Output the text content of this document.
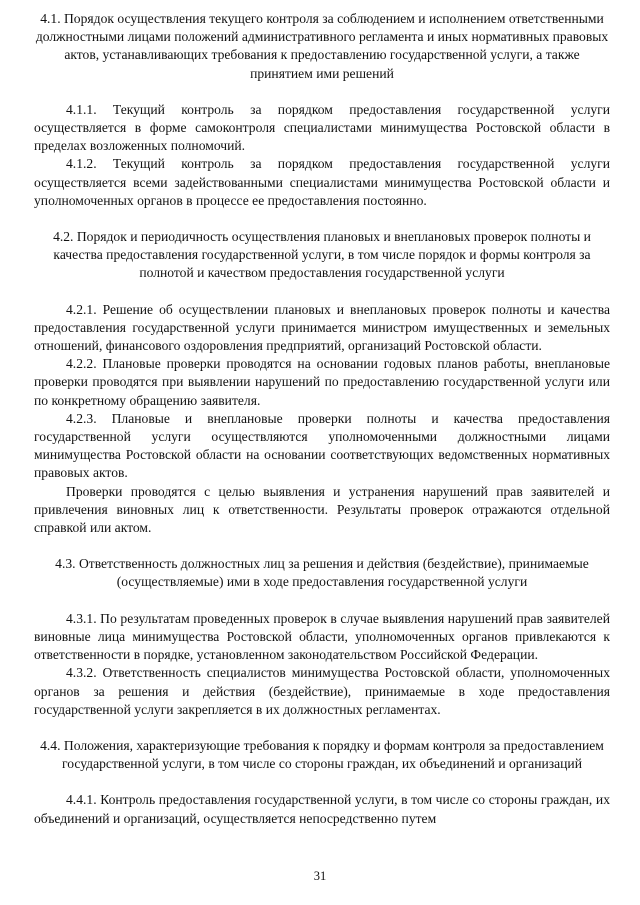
4.1. Порядок осуществления текущего контроля за соблюдением и исполнением ответственными должностными лицами положений административного регламента и иных нормативных правовых актов, устанавливающих требования к предоставлению государственной услуги, а также принятием ими решений

4.1.1. Текущий контроль за порядком предоставления государственной услуги осуществляется в форме самоконтроля специалистами минимущества Ростовской области в пределах возложенных полномочий.

4.1.2. Текущий контроль за порядком предоставления государственной услуги осуществляется всеми задействованными специалистами минимущества Ростовской области и уполномоченных органов в процессе ее предоставления постоянно.

4.2. Порядок и периодичность осуществления плановых и внеплановых проверок полноты и качества предоставления государственной услуги, в том числе порядок и формы контроля за полнотой и качеством предоставления государственной услуги

4.2.1. Решение об осуществлении плановых и внеплановых проверок полноты и качества предоставления государственной услуги принимается министром имущественных и земельных отношений, финансового оздоровления предприятий, организаций Ростовской области.

4.2.2. Плановые проверки проводятся на основании годовых планов работы, внеплановые проверки проводятся при выявлении нарушений по предоставлению государственной услуги или по конкретному обращению заявителя.

4.2.3. Плановые и внеплановые проверки полноты и качества предоставления государственной услуги осуществляются уполномоченными должностными лицами минимущества Ростовской области на основании соответствующих ведомственных нормативных правовых актов.

Проверки проводятся с целью выявления и устранения нарушений прав заявителей и привлечения виновных лиц к ответственности. Результаты проверок отражаются отдельной справкой или актом.

4.3. Ответственность должностных лиц за решения и действия (бездействие), принимаемые (осуществляемые) ими в ходе предоставления государственной услуги

4.3.1. По результатам проведенных проверок в случае выявления нарушений прав заявителей виновные лица минимущества Ростовской области, уполномоченных органов привлекаются к ответственности в порядке, установленном законодательством Российской Федерации.

4.3.2. Ответственность специалистов минимущества Ростовской области, уполномоченных органов за решения и действия (бездействие), принимаемые в ходе предоставления государственной услуги закрепляется в их должностных регламентах.

4.4. Положения, характеризующие требования к порядку и формам контроля за предоставлением государственной услуги, в том числе со стороны граждан, их объединений и организаций

4.4.1. Контроль предоставления государственной услуги, в том числе со стороны граждан, их объединений и организаций, осуществляется непосредственно путем

31
